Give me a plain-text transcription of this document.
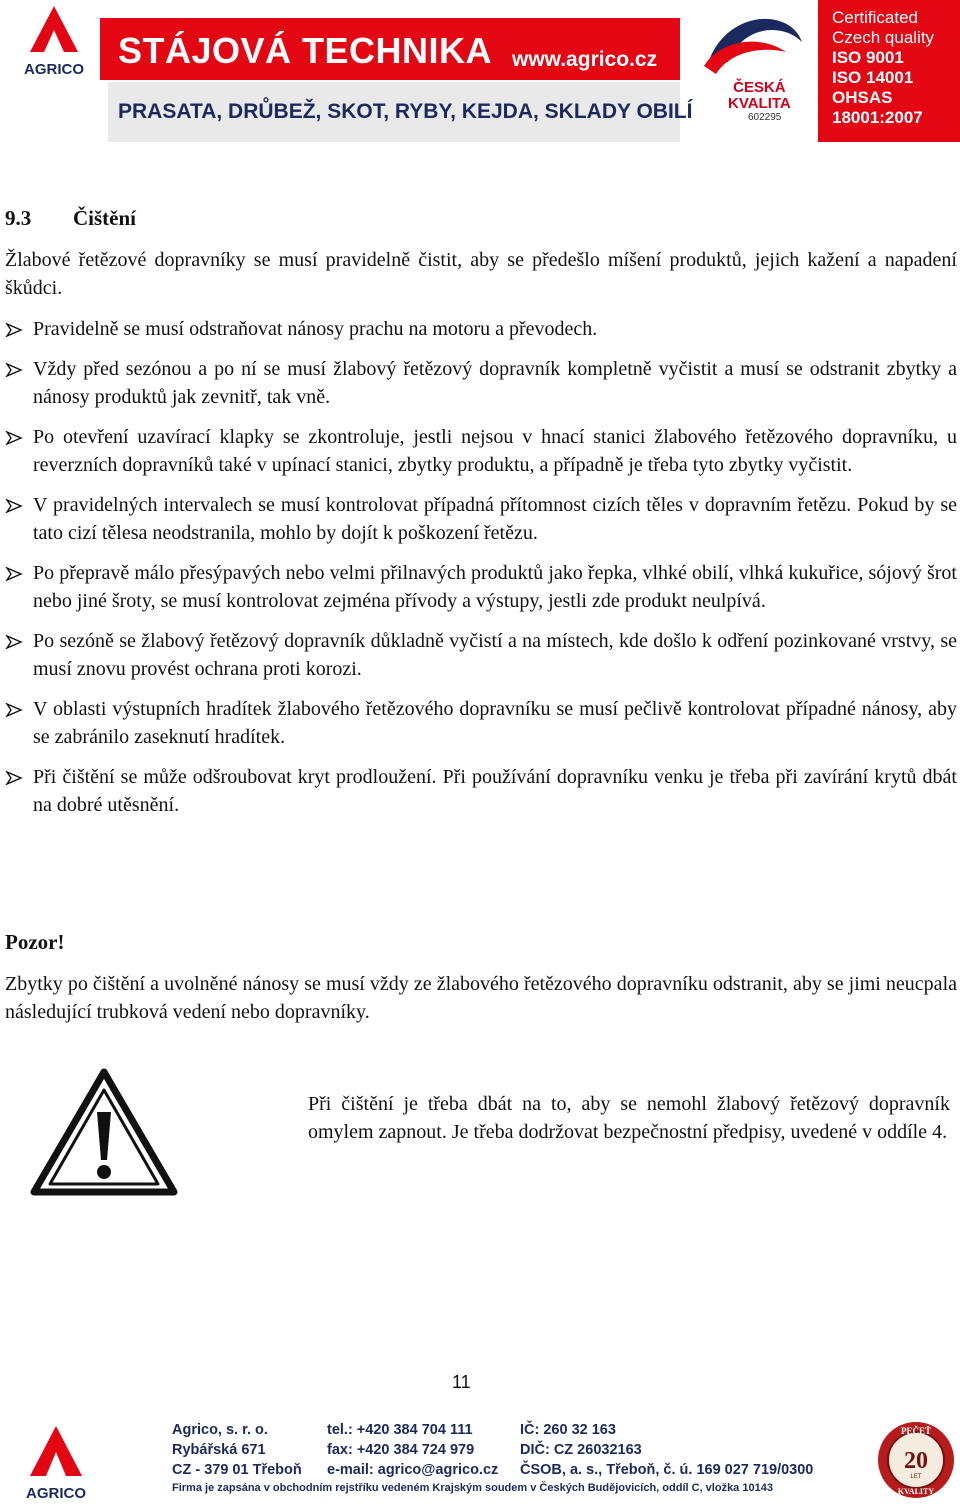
AGRICO STÁJOVÁ TECHNIKA www.agrico.cz
PRASATA, DRŮBEŽ, SKOT, RYBY, KEJDA, SKLADY OBILÍ
ČESKÁ
KVALITA
602295
Certificated
Czech quality
ISO 9001
ISO 14001
OHSAS
18001:2007
9.3 Čištění
Žlabové řetězové dopravníky se musí pravidelně čistit, aby se předešlo míšení produktů, jejich kažení a napadení škůdci.
Pravidelně se musí odstraňovat nánosy prachu na motoru a převodech.
Vždy před sezónou a po ní se musí žlabový řetězový dopravník kompletně vyčistit a musí se odstranit zbytky a nánosy produktů jak zevnitř, tak vně.
Po otevření uzavírací klapky se zkontroluje, jestli nejsou v hnací stanici žlabového řetězového dopravníku, u reverzních dopravníků také v upínací stanici, zbytky produktu, a případně je třeba tyto zbytky vyčistit.
V pravidelných intervalech se musí kontrolovat případná přítomnost cizích těles v dopravním řetězu. Pokud by se tato cizí tělesa neodstranila, mohlo by dojít k poškození řetězu.
Po přepravě málo přesýpavých nebo velmi přilnavých produktů jako řepka, vlhké obilí, vlhká kukuřice, sójový šrot nebo jiné šroty, se musí kontrolovat zejména přívody a výstupy, jestli zde produkt neulpívá.
Po sezóně se žlabový řetězový dopravník důkladně vyčistí a na místech, kde došlo k odření pozinkované vrstvy, se musí znovu provést ochrana proti korozi.
V oblasti výstupních hradítek žlabového řetězového dopravníku se musí pečlivě kontrolovat případné nánosy, aby se zabránilo zaseknutí hradítek.
Při čištění se může odšroubovat kryt prodloužení. Při používání dopravníku venku je třeba při zavírání krytů dbát na dobré utěsnění.
Pozor!
Zbytky po čištění a uvolněné nánosy se musí vždy ze žlabového řetězového dopravníku odstranit, aby se jimi neucpala následující trubková vedení nebo dopravníky.
Při čištění je třeba dbát na to, aby se nemohl žlabový řetězový dopravník omylem zapnout. Je třeba dodržovat bezpečnostní předpisy, uvedené v oddíle 4.
11
AGRICO
Agrico, s. r. o.
Rybářská 671
CZ - 379 01 Třeboň
tel.: +420 384 704 111
fax: +420 384 724 979
e-mail: agrico@agrico.cz
IČ: 260 32 163
DIČ: CZ 26032163
ČSOB, a. s., Třeboň, č. ú. 169 027 719/0300
Firma je zapsána v obchodním rejstříku vedeném Krajským soudem v Českých Budějovicích, oddíl C, vložka 10143
PEČEŤ
20
LET
KVALITY
